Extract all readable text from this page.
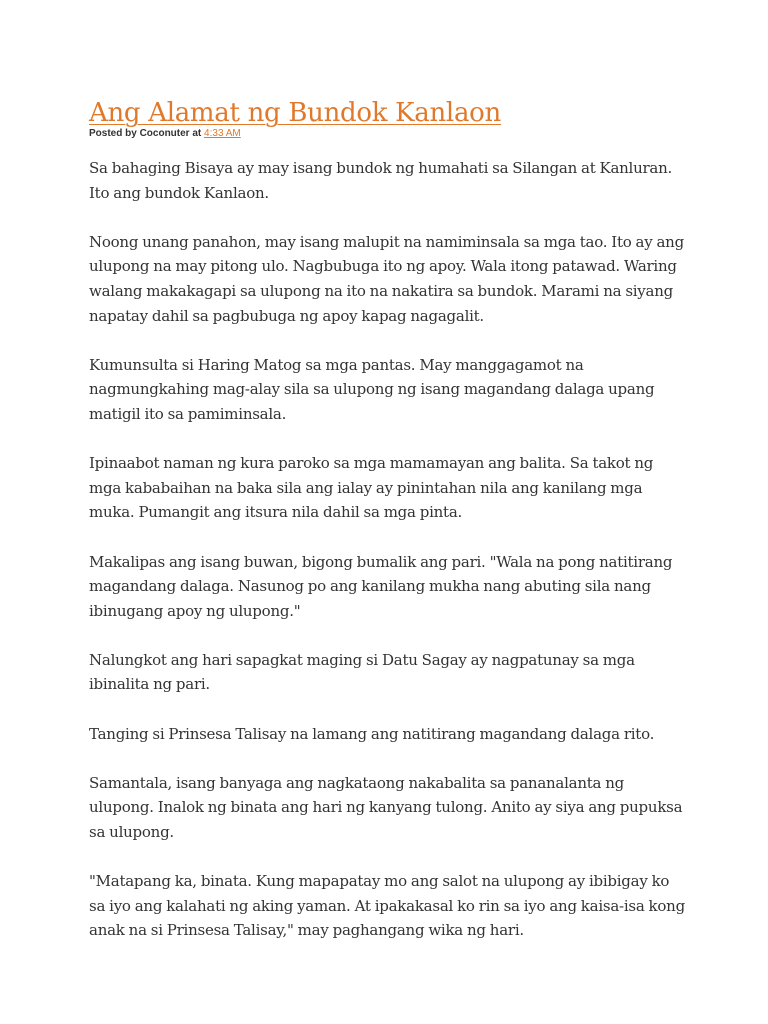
Ang Alamat ng Bundok Kanlaon
Posted by Coconuter at 4:33 AM

Sa bahaging Bisaya ay may isang bundok ng humahati sa Silangan at Kanluran. Ito ang bundok Kanlaon.

Noong unang panahon, may isang malupit na namiminsala sa mga tao. Ito ay ang ulupong na may pitong ulo. Nagbubuga ito ng apoy. Wala itong patawad. Waring walang makakagapi sa ulupong na ito na nakatira sa bundok. Marami na siyang napatay dahil sa pagbubuga ng apoy kapag nagagalit.

Kumunsulta si Haring Matog sa mga pantas. May manggagamot na nagmungkahing mag-alay sila sa ulupong ng isang magandang dalaga upang matigil ito sa pamiminsala.

Ipinaabot naman ng kura paroko sa mga mamamayan ang balita. Sa takot ng mga kababaihan na baka sila ang ialay ay pinintahan nila ang kanilang mga muka. Pumangit ang itsura nila dahil sa mga pinta.

Makalipas ang isang buwan, bigong bumalik ang pari. "Wala na pong natitirang magandang dalaga. Nasunog po ang kanilang mukha nang abuting sila nang ibinugang apoy ng ulupong."

Nalungkot ang hari sapagkat maging si Datu Sagay ay nagpatunay sa mga ibinalita ng pari.

Tanging si Prinsesa Talisay na lamang ang natitirang magandang dalaga rito.

Samantala, isang banyaga ang nagkataong nakabalita sa pananalanta ng ulupong. Inalok ng binata ang hari ng kanyang tulong. Anito ay siya ang pupuksa sa ulupong.

"Matapang ka, binata. Kung mapapatay mo ang salot na ulupong ay ibibigay ko sa iyo ang kalahati ng aking yaman. At ipakakasal ko rin sa iyo ang kaisa-isa kong anak na si Prinsesa Talisay," may paghangang wika ng hari.
